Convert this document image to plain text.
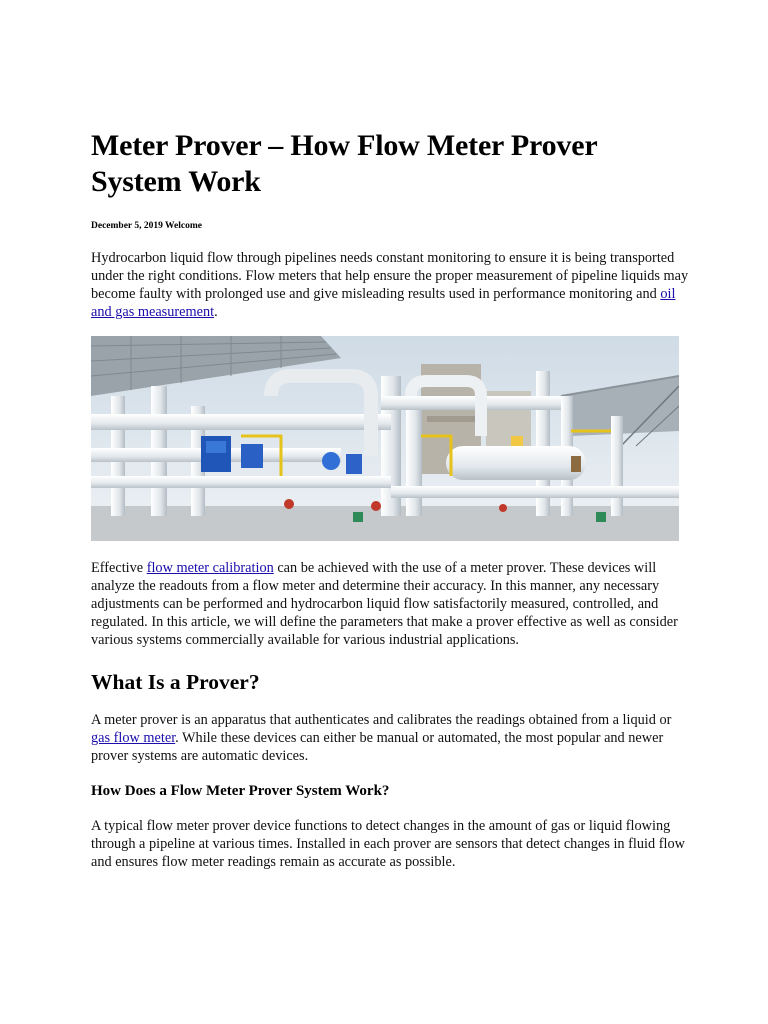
Meter Prover – How Flow Meter Prover System Work
December 5, 2019 Welcome

Hydrocarbon liquid flow through pipelines needs constant monitoring to ensure it is being transported under the right conditions. Flow meters that help ensure the proper measurement of pipeline liquids may become faulty with prolonged use and give misleading results used in performance monitoring and oil and gas measurement.

Effective flow meter calibration can be achieved with the use of a meter prover. These devices will analyze the readouts from a flow meter and determine their accuracy. In this manner, any necessary adjustments can be performed and hydrocarbon liquid flow satisfactorily measured, controlled, and regulated. In this article, we will define the parameters that make a prover effective as well as consider various systems commercially available for various industrial applications.

What Is a Prover?

A meter prover is an apparatus that authenticates and calibrates the readings obtained from a liquid or gas flow meter. While these devices can either be manual or automated, the most popular and newer prover systems are automatic devices.

How Does a Flow Meter Prover System Work?

A typical flow meter prover device functions to detect changes in the amount of gas or liquid flowing through a pipeline at various times. Installed in each prover are sensors that detect changes in fluid flow and ensures flow meter readings remain as accurate as possible.
